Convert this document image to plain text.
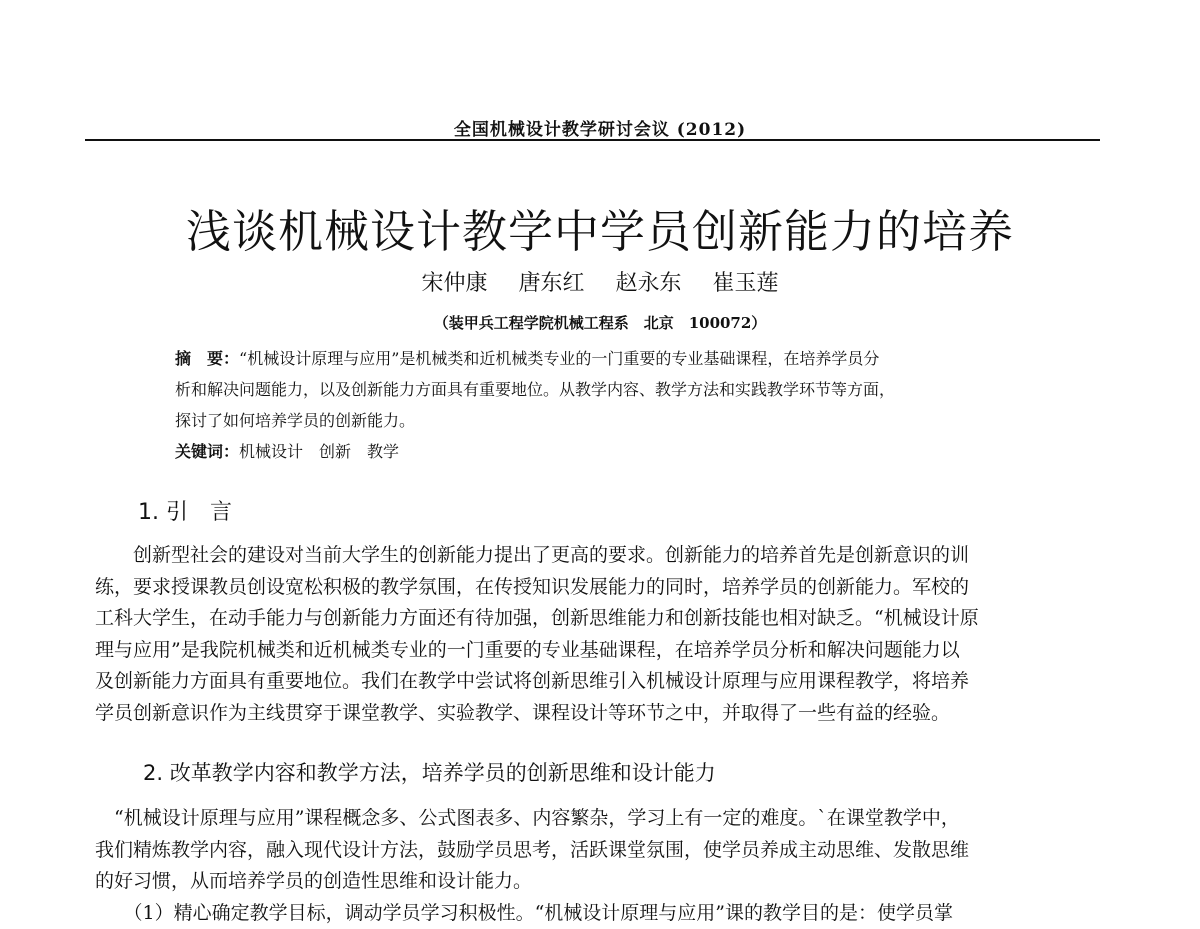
全国机械设计教学研讨会议 (2012)
浅谈机械设计教学中学员创新能力的培养
宋仲康 唐东红 赵永东 崔玉莲
（装甲兵工程学院机械工程系　北京　100072）
摘　要：“机械设计原理与应用”是机械类和近机械类专业的一门重要的专业基础课程，在培养学员分
析和解决问题能力，以及创新能力方面具有重要地位。从教学内容、教学方法和实践教学环节等方面，
探讨了如何培养学员的创新能力。
关键词：机械设计　创新　教学
1. 引　言
　　创新型社会的建设对当前大学生的创新能力提出了更高的要求。创新能力的培养首先是创新意识的训
练，要求授课教员创设宽松积极的教学氛围，在传授知识发展能力的同时，培养学员的创新能力。军校的
工科大学生，在动手能力与创新能力方面还有待加强，创新思维能力和创新技能也相对缺乏。“机械设计原
理与应用”是我院机械类和近机械类专业的一门重要的专业基础课程，在培养学员分析和解决问题能力以
及创新能力方面具有重要地位。我们在教学中尝试将创新思维引入机械设计原理与应用课程教学，将培养
学员创新意识作为主线贯穿于课堂教学、实验教学、课程设计等环节之中，并取得了一些有益的经验。
2. 改革教学内容和教学方法，培养学员的创新思维和设计能力
　“机械设计原理与应用”课程概念多、公式图表多、内容繁杂，学习上有一定的难度。`在课堂教学中，
我们精炼教学内容，融入现代设计方法，鼓励学员思考，活跃课堂氛围，使学员养成主动思维、发散思维
的好习惯，从而培养学员的创造性思维和设计能力。
　　（1）精心确定教学目标，调动学员学习积极性。“机械设计原理与应用”课的教学目的是：使学员掌
